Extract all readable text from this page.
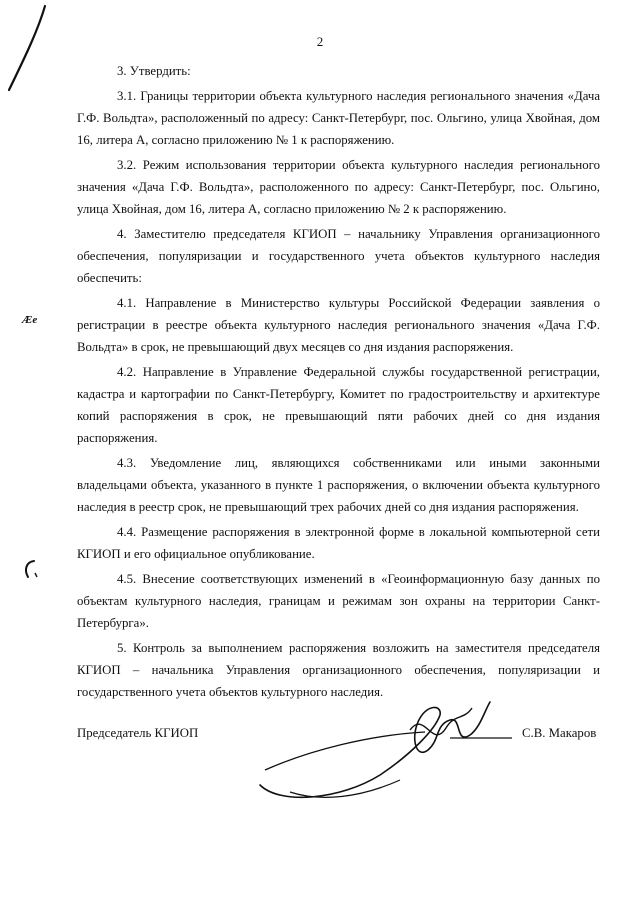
2

3. Утвердить:

3.1. Границы территории объекта культурного наследия регионального значения «Дача Г.Ф. Вольдта», расположенный по адресу: Санкт-Петербург, пос. Ольгино, улица Хвойная, дом 16, литера А, согласно приложению № 1 к распоряжению.

3.2. Режим использования территории объекта культурного наследия регионального значения «Дача Г.Ф. Вольдта», расположенного по адресу: Санкт-Петербург, пос. Ольгино, улица Хвойная, дом 16, литера А, согласно приложению № 2 к распоряжению.

4. Заместителю председателя КГИОП – начальнику Управления организационного обеспечения, популяризации и государственного учета объектов культурного наследия обеспечить:

4.1. Направление в Министерство культуры Российской Федерации заявления о регистрации в реестре объекта культурного наследия регионального значения «Дача Г.Ф. Вольдта» в срок, не превышающий двух месяцев со дня издания распоряжения.

4.2. Направление в Управление Федеральной службы государственной регистрации, кадастра и картографии по Санкт-Петербургу, Комитет по градостроительству и архитектуре копий распоряжения в срок, не превышающий пяти рабочих дней со дня издания распоряжения.

4.3. Уведомление лиц, являющихся собственниками или иными законными владельцами объекта, указанного в пункте 1 распоряжения, о включении объекта культурного наследия в реестр срок, не превышающий трех рабочих дней со дня издания распоряжения.

4.4. Размещение распоряжения в электронной форме в локальной компьютерной сети КГИОП и его официальное опубликование.

4.5. Внесение соответствующих изменений в «Геоинформационную базу данных по объектам культурного наследия, границам и режимам зон охраны на территории Санкт-Петербурга».

5. Контроль за выполнением распоряжения возложить на заместителя председателя КГИОП – начальника Управления организационного обеспечения, популяризации и государственного учета объектов культурного наследия.

Æe
Председатель КГИОП	С.В. Макаров
